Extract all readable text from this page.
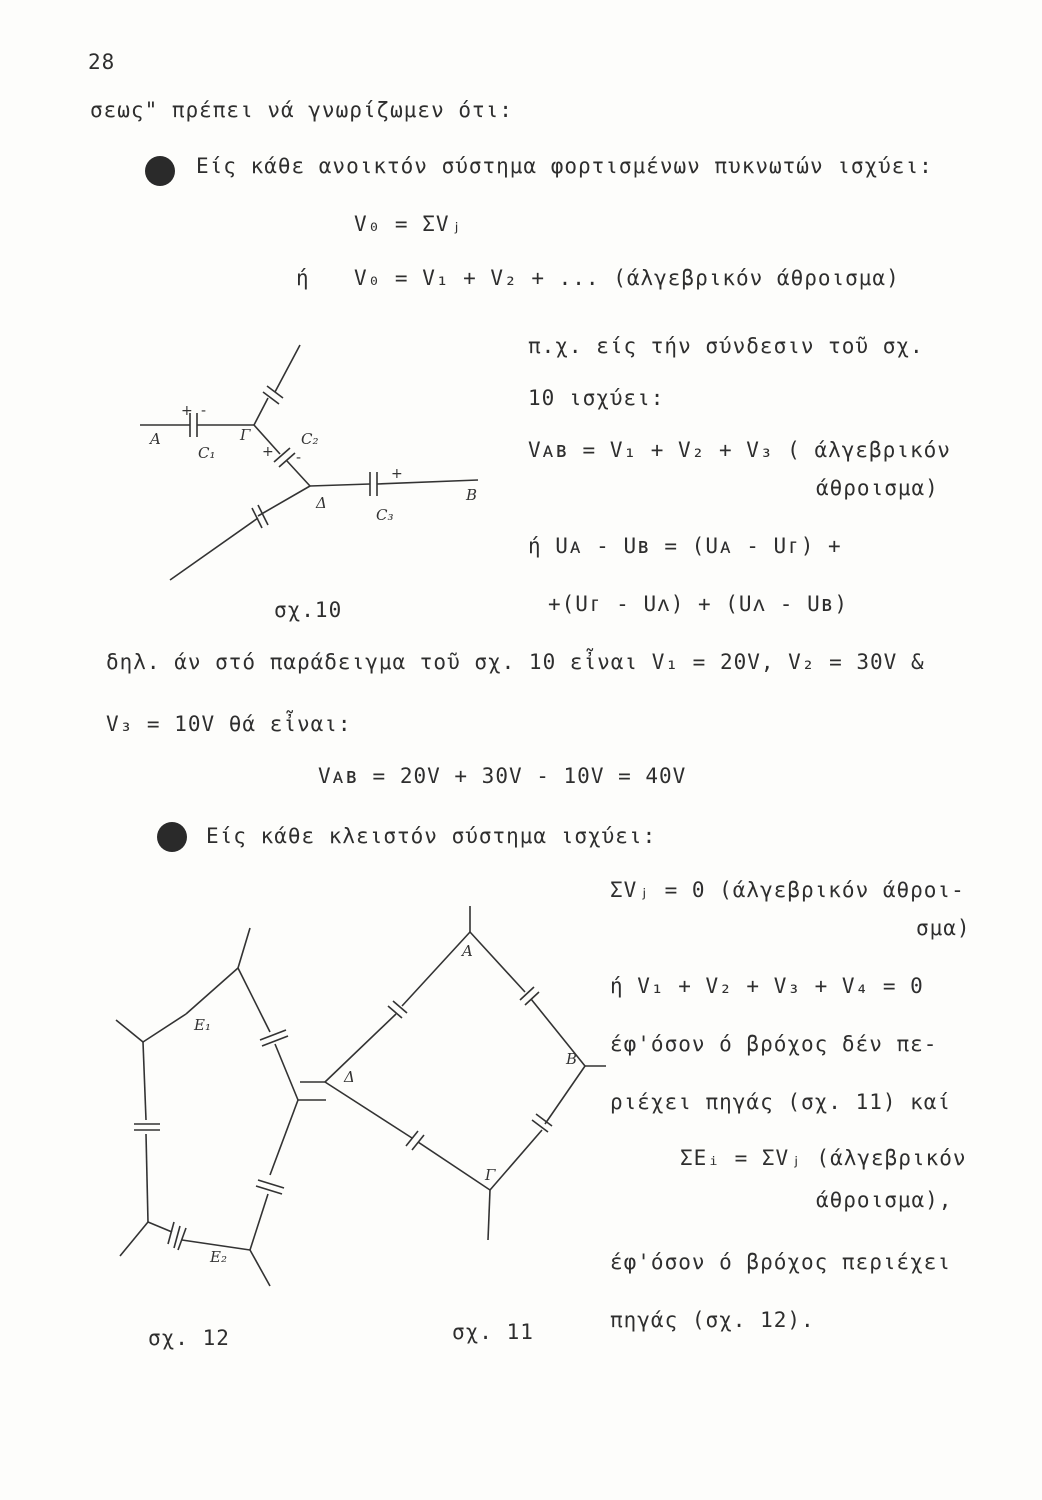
28
σεως" πρέπει νά γνωρίζωμεν ότι:
Είς κάθε ανοικτόν σύστημα φορτισμένων πυκνωτών ισχύει:
V₀ = ΣVⱼ
ή V₀ = V₁ + V₂ + ... (άλγεβρικόν άθροισμα)
π.χ. είς τήν σύνδεσιν τοῦ σχ.
10 ισχύει:
Vᴀʙ = V₁ + V₂ + V₃ ( άλγεβρικόν
άθροισμα)
ή Uᴀ - Uʙ = (Uᴀ - Uᴦ) +
+(Uᴦ - Uᴧ) + (Uᴧ - Uʙ)
σχ.10
δηλ. άν στό παράδειγμα τοῦ σχ. 10 εἶναι V₁ = 20V, V₂ = 30V &
V₃ = 10V θά εἶναι:
Vᴀʙ = 20V + 30V - 10V = 40V
Είς κάθε κλειστόν σύστημα ισχύει:
ΣVⱼ = 0 (άλγεβρικόν άθροι-
σμα)
ή V₁ + V₂ + V₃ + V₄ = 0
έφ'όσον ό βρόχος δέν πε-
ριέχει πηγάς (σχ. 11) καί
ΣEᵢ = ΣVⱼ (άλγεβρικόν
άθροισμα),
έφ'όσον ό βρόχος περιέχει
πηγάς (σχ. 12).
σχ. 12	σχ. 11
A
C₁
Γ	C₂
Δ
C₃
B
+ -
+ -
+
A
B
Γ
Δ
E₁
E₂
